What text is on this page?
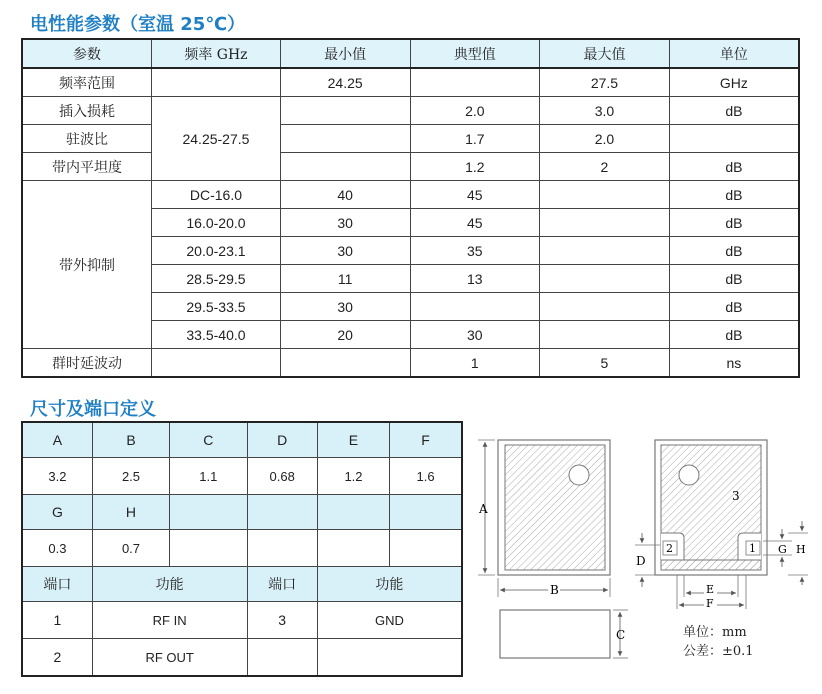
电性能参数（室温 25℃）
参数	频率 GHz	最小值	典型值	最大值	单位
频率范围		24.25		27.5	GHz
插入损耗	24.25-27.5		2.0	3.0	dB
驻波比			1.7	2.0	
带内平坦度			1.2	2	dB
带外抑制	DC-16.0	40	45		dB
	16.0-20.0	30	45		dB
	20.0-23.1	30	35		dB
	28.5-29.5	11	13		dB
	29.5-33.5	30			dB
	33.5-40.0	20	30		dB
群时延波动			1	5	ns
尺寸及端口定义
A	B	C	D	E	F
3.2	2.5	1.1	0.68	1.2	1.6
G	H				
0.3	0.7				
端口	功能		端口	功能	
1	RF IN		3	GND	
2	RF OUT				
A
B
C
3
2	1
D
G H
E
F
单位：mm
公差：±0.1
